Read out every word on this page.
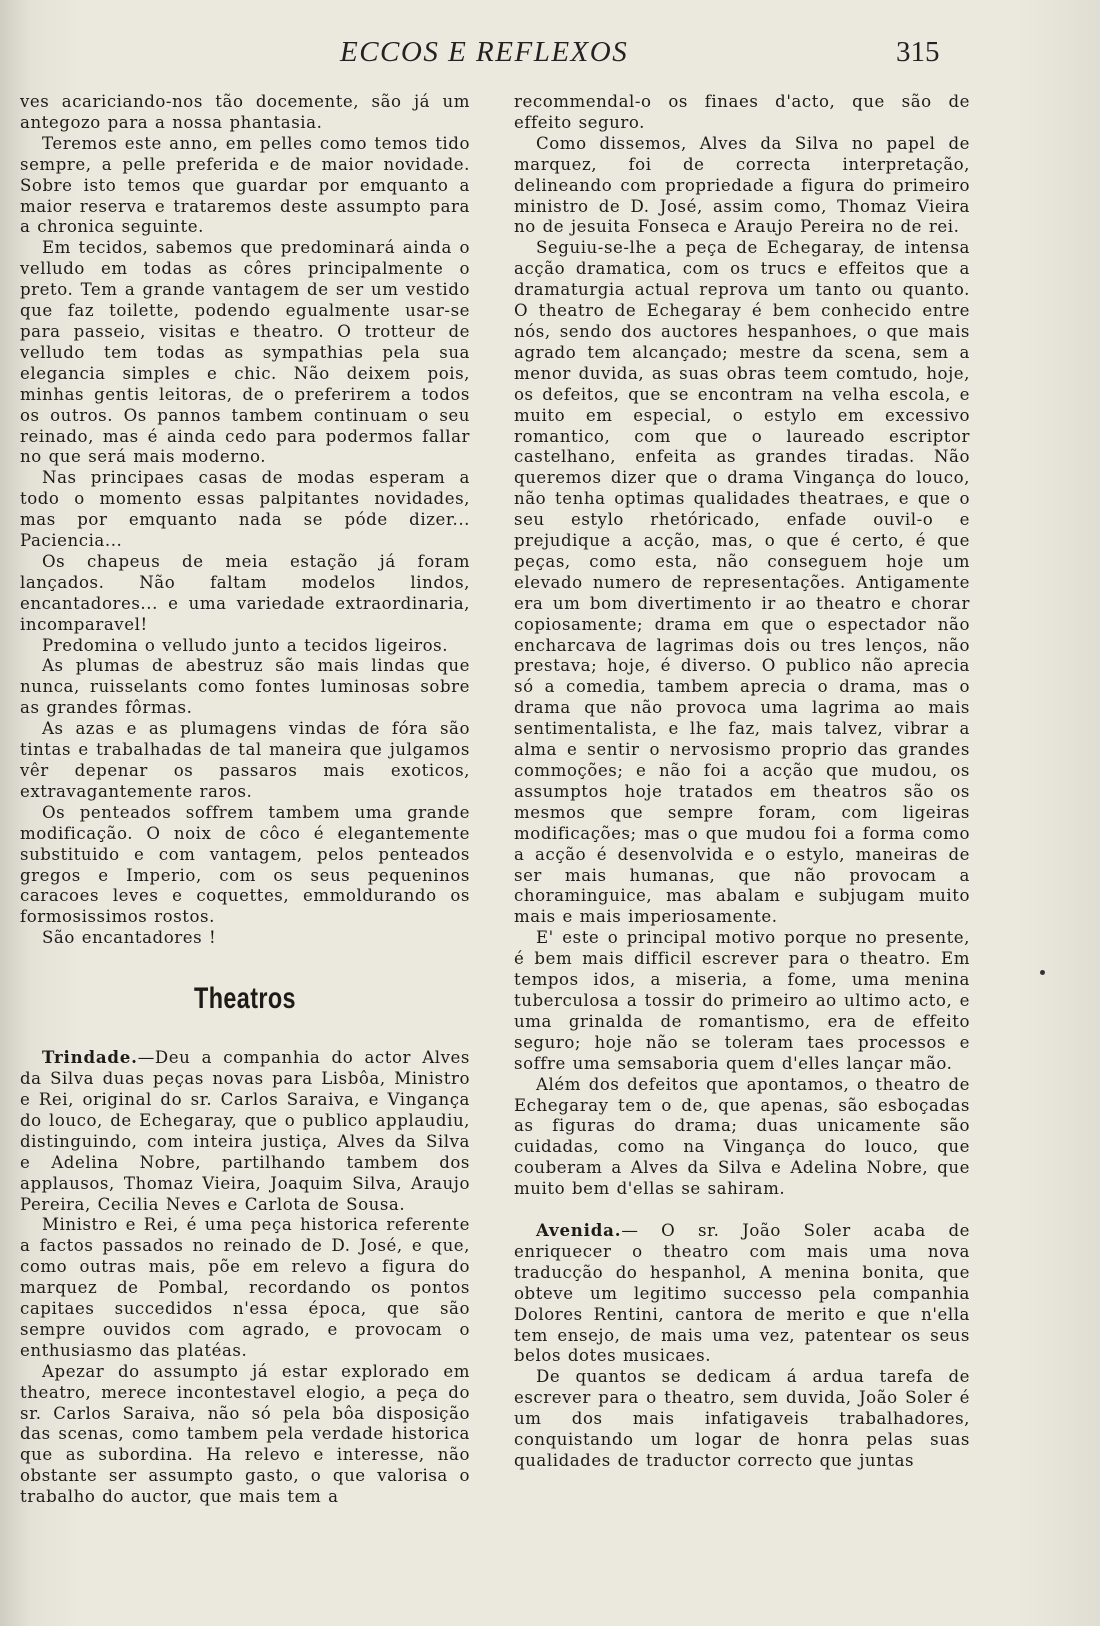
ECCOS E REFLEXOS	315

ves acariciando-nos tão docemente, são já um antegozo para a nossa phantasia.

Teremos este anno, em pelles como temos tido sempre, a pelle preferida e de maior novidade. Sobre isto temos que guardar por emquanto a maior reserva e trataremos deste assumpto para a chronica seguinte.

Em tecidos, sabemos que predominará ainda o velludo em todas as côres principalmente o preto. Tem a grande vantagem de ser um vestido que faz toilette, podendo egualmente usar-se para passeio, visitas e theatro. O trotteur de velludo tem todas as sympathias pela sua elegancia simples e chic. Não deixem pois, minhas gentis leitoras, de o preferirem a todos os outros. Os pannos tambem continuam o seu reinado, mas é ainda cedo para podermos fallar no que será mais moderno.

Nas principaes casas de modas esperam a todo o momento essas palpitantes novidades, mas por emquanto nada se póde dizer... Paciencia...

Os chapeus de meia estação já foram lançados. Não faltam modelos lindos, encantadores... e uma variedade extraordinaria, incomparavel!

Predomina o velludo junto a tecidos ligeiros.

As plumas de abestruz são mais lindas que nunca, ruisselants como fontes luminosas sobre as grandes fôrmas.

As azas e as plumagens vindas de fóra são tintas e trabalhadas de tal maneira que julgamos vêr depenar os passaros mais exoticos, extravagantemente raros.

Os penteados soffrem tambem uma grande modificação. O noix de côco é elegantemente substituido e com vantagem, pelos penteados gregos e Imperio, com os seus pequeninos caracoes leves e coquettes, emmoldurando os formosissimos rostos.

São encantadores !

Theatros

Trindade.—Deu a companhia do actor Alves da Silva duas peças novas para Lisbôa, Ministro e Rei, original do sr. Carlos Saraiva, e Vingança do louco, de Echegaray, que o publico applaudiu, distinguindo, com inteira justiça, Alves da Silva e Adelina Nobre, partilhando tambem dos applausos, Thomaz Vieira, Joaquim Silva, Araujo Pereira, Cecilia Neves e Carlota de Sousa.

Ministro e Rei, é uma peça historica referente a factos passados no reinado de D. José, e que, como outras mais, põe em relevo a figura do marquez de Pombal, recordando os pontos capitaes succedidos n'essa época, que são sempre ouvidos com agrado, e provocam o enthusiasmo das platéas.

Apezar do assumpto já estar explorado em theatro, merece incontestavel elogio, a peça do sr. Carlos Saraiva, não só pela bôa disposição das scenas, como tambem pela verdade historica que as subordina. Ha relevo e interesse, não obstante ser assumpto gasto, o que valorisa o trabalho do auctor, que mais tem a

recommendal-o os finaes d'acto, que são de effeito seguro.

Como dissemos, Alves da Silva no papel de marquez, foi de correcta interpretação, delineando com propriedade a figura do primeiro ministro de D. José, assim como, Thomaz Vieira no de jesuita Fonseca e Araujo Pereira no de rei.

Seguiu-se-lhe a peça de Echegaray, de intensa acção dramatica, com os trucs e effeitos que a dramaturgia actual reprova um tanto ou quanto. O theatro de Echegaray é bem conhecido entre nós, sendo dos auctores hespanhoes, o que mais agrado tem alcançado; mestre da scena, sem a menor duvida, as suas obras teem comtudo, hoje, os defeitos, que se encontram na velha escola, e muito em especial, o estylo em excessivo romantico, com que o laureado escriptor castelhano, enfeita as grandes tiradas. Não queremos dizer que o drama Vingança do louco, não tenha optimas qualidades theatraes, e que o seu estylo rhetóricado, enfade ouvil-o e prejudique a acção, mas, o que é certo, é que peças, como esta, não conseguem hoje um elevado numero de representações. Antigamente era um bom divertimento ir ao theatro e chorar copiosamente; drama em que o espectador não encharcava de lagrimas dois ou tres lenços, não prestava; hoje, é diverso. O publico não aprecia só a comedia, tambem aprecia o drama, mas o drama que não provoca uma lagrima ao mais sentimentalista, e lhe faz, mais talvez, vibrar a alma e sentir o nervosismo proprio das grandes commoções; e não foi a acção que mudou, os assumptos hoje tratados em theatros são os mesmos que sempre foram, com ligeiras modificações; mas o que mudou foi a forma como a acção é desenvolvida e o estylo, maneiras de ser mais humanas, que não provocam a choraminguice, mas abalam e subjugam muito mais e mais imperiosamente.

E' este o principal motivo porque no presente, é bem mais difficil escrever para o theatro. Em tempos idos, a miseria, a fome, uma menina tuberculosa a tossir do primeiro ao ultimo acto, e uma grinalda de romantismo, era de effeito seguro; hoje não se toleram taes processos e soffre uma semsaboria quem d'elles lançar mão.

Além dos defeitos que apontamos, o theatro de Echegaray tem o de, que apenas, são esboçadas as figuras do drama; duas unicamente são cuidadas, como na Vingança do louco, que couberam a Alves da Silva e Adelina Nobre, que muito bem d'ellas se sahiram.

Avenida.— O sr. João Soler acaba de enriquecer o theatro com mais uma nova traducção do hespanhol, A menina bonita, que obteve um legitimo successo pela companhia Dolores Rentini, cantora de merito e que n'ella tem ensejo, de mais uma vez, patentear os seus belos dotes musicaes.

De quantos se dedicam á ardua tarefa de escrever para o theatro, sem duvida, João Soler é um dos mais infatigaveis trabalhadores, conquistando um logar de honra pelas suas qualidades de traductor correcto que juntas
